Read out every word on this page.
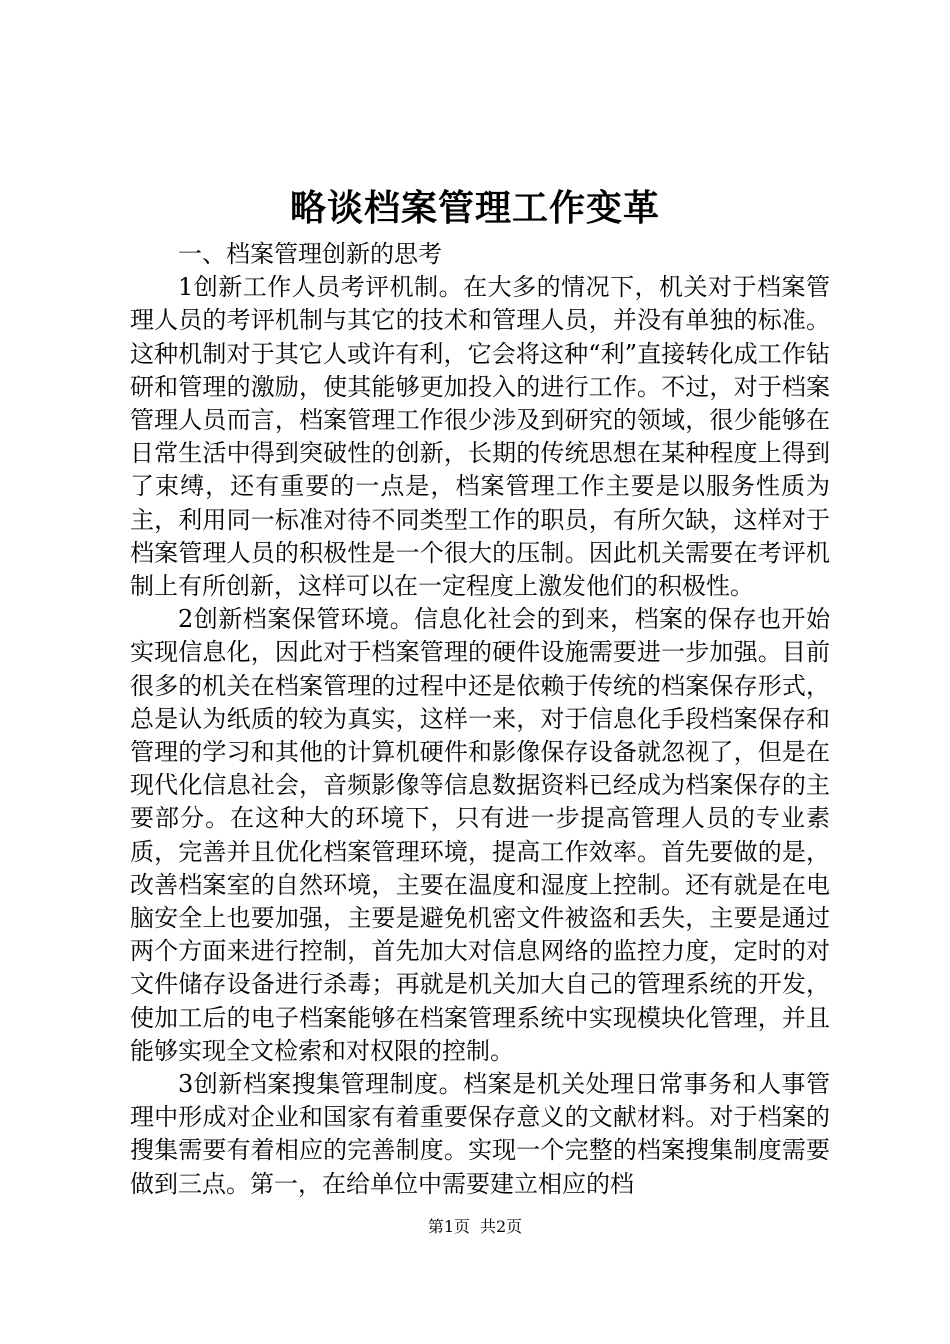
略谈档案管理工作变革

一、档案管理创新的思考

1创新工作人员考评机制。在大多的情况下，机关对于档案管理人员的考评机制与其它的技术和管理人员，并没有单独的标准。这种机制对于其它人或许有利，它会将这种“利”直接转化成工作钻研和管理的激励，使其能够更加投入的进行工作。不过，对于档案管理人员而言，档案管理工作很少涉及到研究的领域，很少能够在日常生活中得到突破性的创新，长期的传统思想在某种程度上得到了束缚，还有重要的一点是，档案管理工作主要是以服务性质为主，利用同一标准对待不同类型工作的职员，有所欠缺，这样对于档案管理人员的积极性是一个很大的压制。因此机关需要在考评机制上有所创新，这样可以在一定程度上激发他们的积极性。

2创新档案保管环境。信息化社会的到来，档案的保存也开始实现信息化，因此对于档案管理的硬件设施需要进一步加强。目前很多的机关在档案管理的过程中还是依赖于传统的档案保存形式，总是认为纸质的较为真实，这样一来，对于信息化手段档案保存和管理的学习和其他的计算机硬件和影像保存设备就忽视了，但是在现代化信息社会，音频影像等信息数据资料已经成为档案保存的主要部分。在这种大的环境下，只有进一步提高管理人员的专业素质，完善并且优化档案管理环境，提高工作效率。首先要做的是，改善档案室的自然环境，主要在温度和湿度上控制。还有就是在电脑安全上也要加强，主要是避免机密文件被盗和丢失，主要是通过两个方面来进行控制，首先加大对信息网络的监控力度，定时的对文件储存设备进行杀毒；再就是机关加大自己的管理系统的开发，使加工后的电子档案能够在档案管理系统中实现模块化管理，并且能够实现全文检索和对权限的控制。

3创新档案搜集管理制度。档案是机关处理日常事务和人事管理中形成对企业和国家有着重要保存意义的文献材料。对于档案的搜集需要有着相应的完善制度。实现一个完整的档案搜集制度需要做到三点。第一，在给单位中需要建立相应的档

第1页 共2页
